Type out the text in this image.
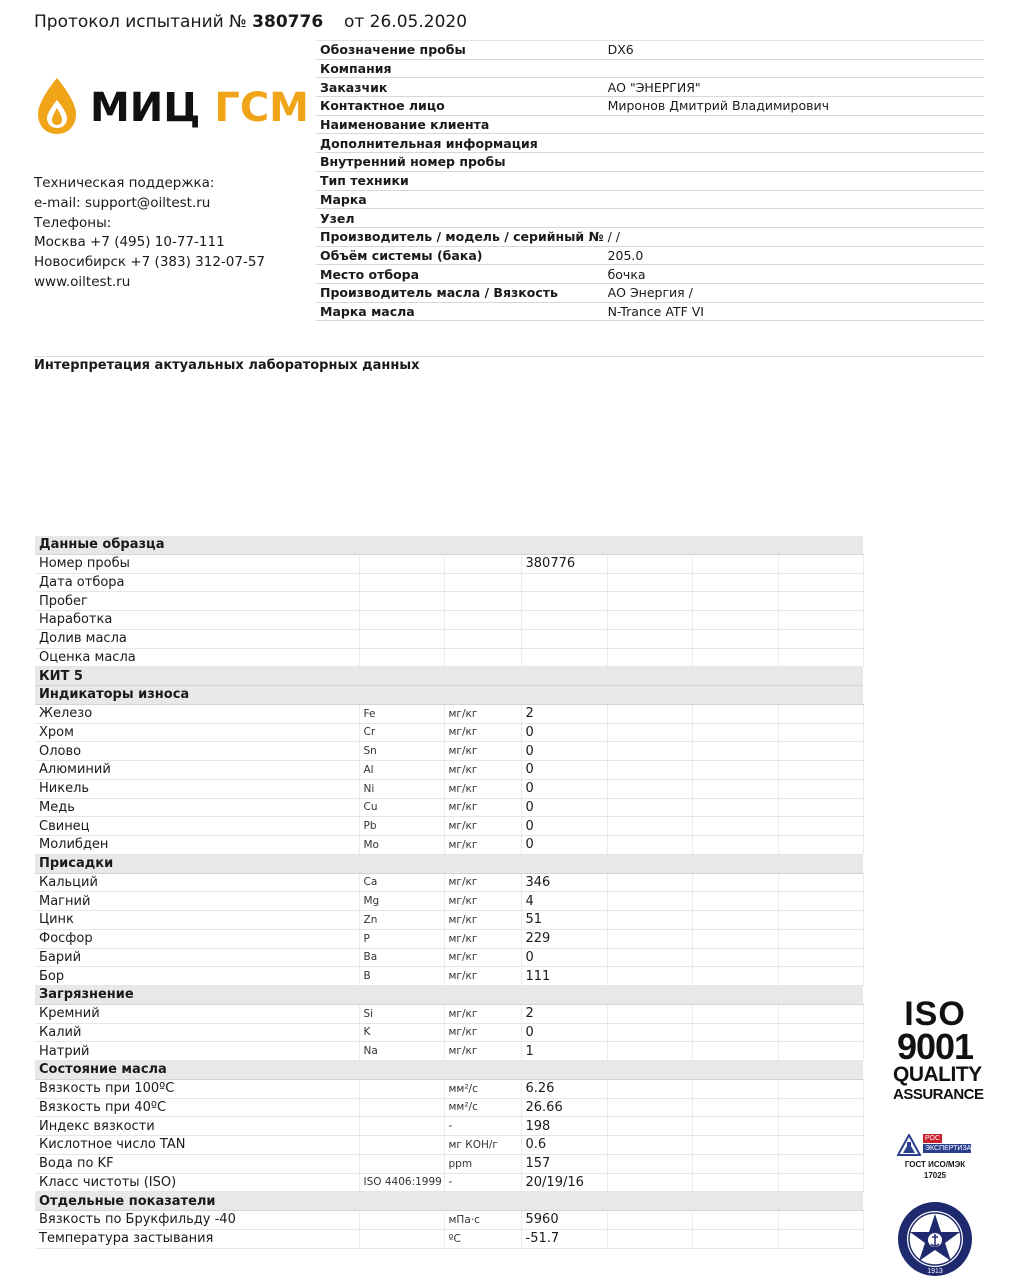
Протокол испытаний № 380776 от 26.05.2020
МИЦ ГСМ
Техническая поддержка:
e-mail: support@oiltest.ru
Телефоны:
Москва +7 (495) 10-77-111
Новосибирск +7 (383) 312-07-57
www.oiltest.ru
Обозначение пробы	DX6
Компания	
Заказчик	АО "ЭНЕРГИЯ"
Контактное лицо	Миронов Дмитрий Владимирович
Наименование клиента	
Дополнительная информация	
Внутренний номер пробы	
Тип техники	
Марка	
Узел	
Производитель / модель / серийный №	/ /
Объём системы (бака)	205.0
Место отбора	бочка
Производитель масла / Вязкость	АО Энергия /
Марка масла	N-Trance ATF VI
Интерпретация актуальных лабораторных данных
Данные образца						
Номер пробы			380776			
Дата отбора						
Пробег						
Наработка						
Долив масла						
Оценка масла						
КИТ 5						
Индикаторы износа						
Железо	Fe	мг/кг	2			
Хром	Cr	мг/кг	0			
Олово	Sn	мг/кг	0			
Алюминий	Al	мг/кг	0			
Никель	Ni	мг/кг	0			
Медь	Cu	мг/кг	0			
Свинец	Pb	мг/кг	0			
Молибден	Mo	мг/кг	0			
Присадки						
Кальций	Ca	мг/кг	346			
Магний	Mg	мг/кг	4			
Цинк	Zn	мг/кг	51			
Фосфор	P	мг/кг	229			
Барий	Ba	мг/кг	0			
Бор	B	мг/кг	111			
Загрязнение						
Кремний	Si	мг/кг	2			
Калий	K	мг/кг	0			
Натрий	Na	мг/кг	1			
Состояние масла						
Вязкость при 100ºC		мм²/с	6.26			
Вязкость при 40ºC		мм²/с	26.66			
Индекс вязкости		-	198			
Кислотное число TAN		мг КОН/г	0.6			
Вода по KF		ppm	157			
Класс чистоты (ISO)	ISO 4406:1999	-	20/19/16			
Отдельные показатели						
Вязкость по Брукфильду -40		мПа·с	5960			
Температура застывания		ºC	-51.7			
ISO
9001
QUALITY
ASSURANCE
РОС
ЭКСПЕРТИЗА
ГОСТ ИСО/МЭК
17025
1913
